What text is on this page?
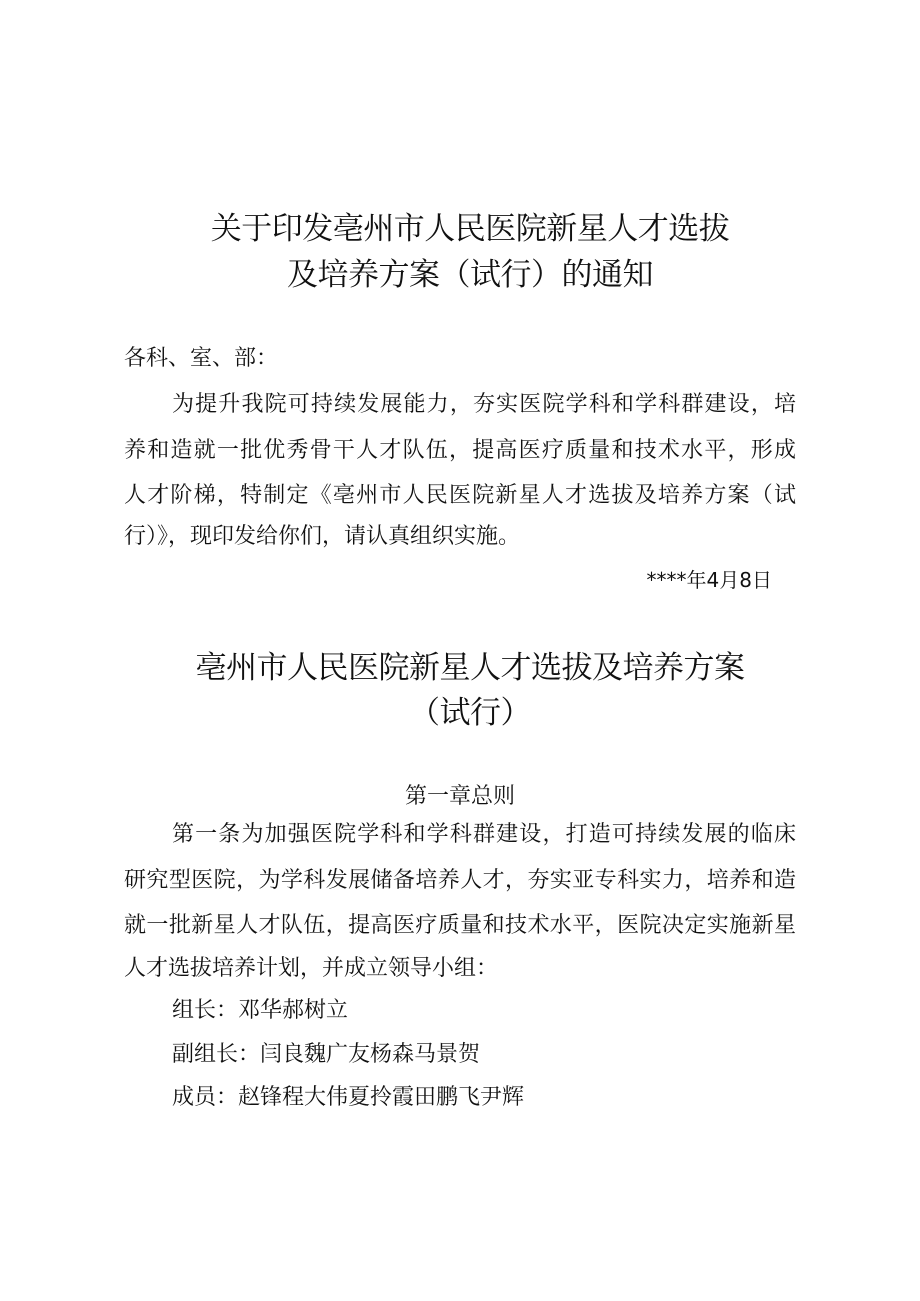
关于印发亳州市人民医院新星人才选拔
及培养方案（试行）的通知

各科、室、部：

为提升我院可持续发展能力，夯实医院学科和学科群建设，培

养和造就一批优秀骨干人才队伍，提高医疗质量和技术水平，形成

人才阶梯，特制定《亳州市人民医院新星人才选拔及培养方案（试

行）》，现印发给你们，请认真组织实施。

****年4月8日
亳州市人民医院新星人才选拔及培养方案
（试行）
第一章总则

第一条为加强医院学科和学科群建设，打造可持续发展的临床

研究型医院，为学科发展储备培养人才，夯实亚专科实力，培养和造

就一批新星人才队伍，提高医疗质量和技术水平，医院决定实施新星

人才选拔培养计划，并成立领导小组：

组长：邓华郝树立

副组长：闫良魏广友杨森马景贺

成员：赵锋程大伟夏拎霞田鹏飞尹辉
